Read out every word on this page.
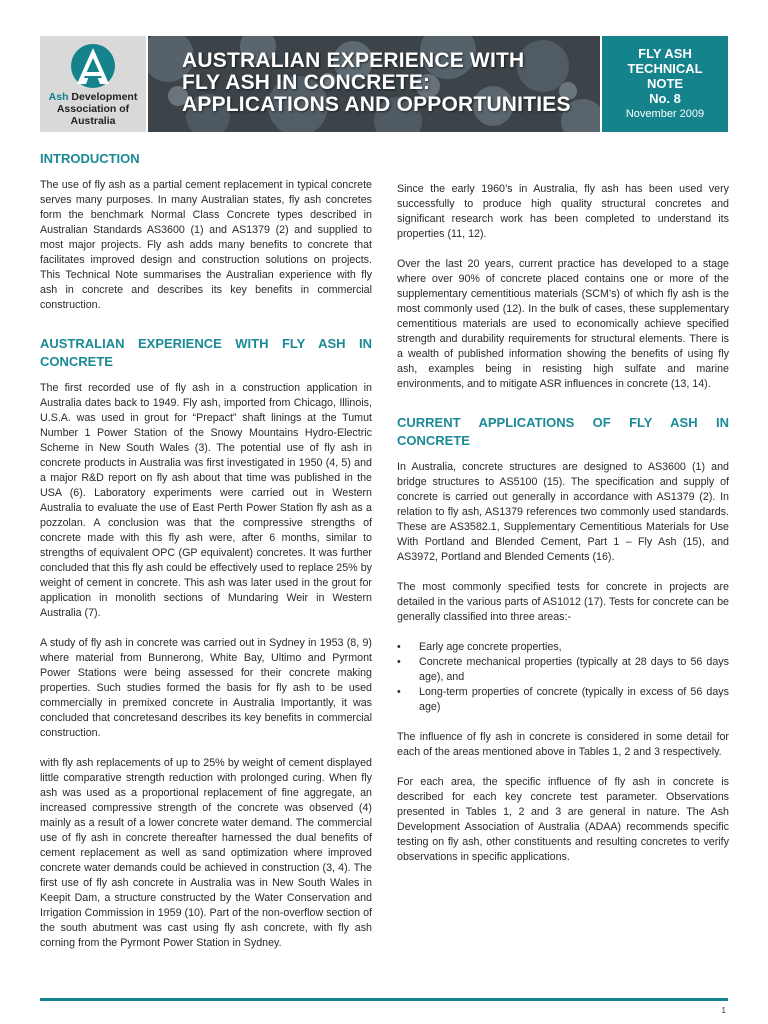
Ash Development
Association of
Australia
AUSTRALIAN EXPERIENCE WITH
FLY ASH IN CONCRETE:
APPLICATIONS AND OPPORTUNITIES
FLY ASH
TECHNICAL
NOTE
No. 8
November 2009
INTRODUCTION

The use of fly ash as a partial cement replacement in typical concrete serves many purposes. In many Australian states, fly ash concretes form the benchmark Normal Class Concrete types described in Australian Standards AS3600 (1) and AS1379 (2) and supplied to most major projects. Fly ash adds many benefits to concrete that facilitates improved design and construction solutions on projects. This Technical Note summarises the Australian experience with fly ash in concrete and describes its key benefits in commercial construction.

AUSTRALIAN EXPERIENCE WITH FLY ASH IN CONCRETE

The first recorded use of fly ash in a construction application in Australia dates back to 1949. Fly ash, imported from Chicago, Illinois, U.S.A. was used in grout for “Prepact” shaft linings at the Tumut Number 1 Power Station of the Snowy Mountains Hydro-Electric Scheme in New South Wales (3). The potential use of fly ash in concrete products in Australia was first investigated in 1950 (4, 5) and a major R&D report on fly ash about that time was published in the USA (6). Laboratory experiments were carried out in Western Australia to evaluate the use of East Perth Power Station fly ash as a pozzolan. A conclusion was that the compressive strengths of concrete made with this fly ash were, after 6 months, similar to strengths of equivalent OPC (GP equivalent) concretes. It was further concluded that this fly ash could be effectively used to replace 25% by weight of cement in concrete. This ash was later used in the grout for application in monolith sections of Mundaring Weir in Western Australia (7).

A study of fly ash in concrete was carried out in Sydney in 1953 (8, 9) where material from Bunnerong, White Bay, Ultimo and Pyrmont Power Stations were being assessed for their concrete making properties. Such studies formed the basis for fly ash to be used commercially in premixed concrete in Australia Importantly, it was concluded that concretesand describes its key benefits in commercial construction.

with fly ash replacements of up to 25% by weight of cement displayed little comparative strength reduction with prolonged curing. When fly ash was used as a proportional replacement of fine aggregate, an increased compressive strength of the concrete was observed (4) mainly as a result of a lower concrete water demand. The commercial use of fly ash in concrete thereafter harnessed the dual benefits of cement replacement as well as sand optimization where improved concrete water demands could be achieved in construction (3, 4). The first use of fly ash concrete in Australia was in New South Wales in Keepit Dam, a structure constructed by the Water Conservation and Irrigation Commission in 1959 (10). Part of the non-overflow section of the south abutment was cast using fly ash concrete, with fly ash corning from the Pyrmont Power Station in Sydney.

Since the early 1960’s in Australia, fly ash has been used very successfully to produce high quality structural concretes and significant research work has been completed to understand its properties (11, 12).

Over the last 20 years, current practice has developed to a stage where over 90% of concrete placed contains one or more of the supplementary cementitious materials (SCM’s) of which fly ash is the most commonly used (12). In the bulk of cases, these supplementary cementitious materials are used to economically achieve specified strength and durability requirements for structural elements. There is a wealth of published information showing the benefits of using fly ash, examples being in resisting high sulfate and marine environments, and to mitigate ASR influences in concrete (13, 14).

CURRENT APPLICATIONS OF FLY ASH IN CONCRETE

In Australia, concrete structures are designed to AS3600 (1) and bridge structures to AS5100 (15). The specification and supply of concrete is carried out generally in accordance with AS1379 (2). In relation to fly ash, AS1379 references two commonly used standards. These are AS3582.1, Supplementary Cementitious Materials for Use With Portland and Blended Cement, Part 1 – Fly Ash (15), and AS3972, Portland and Blended Cements (16).

The most commonly specified tests for concrete in projects are detailed in the various parts of AS1012 (17). Tests for concrete can be generally classified into three areas:-

• Early age concrete properties,
• Concrete mechanical properties (typically at 28 days to 56 days age), and
• Long-term properties of concrete (typically in excess of 56 days age)

The influence of fly ash in concrete is considered in some detail for each of the areas mentioned above in Tables 1, 2 and 3 respectively.

For each area, the specific influence of fly ash in concrete is described for each key concrete test parameter. Observations presented in Tables 1, 2 and 3 are general in nature. The Ash Development Association of Australia (ADAA) recommends specific testing on fly ash, other constituents and resulting concretes to verify observations in specific applications.

1
